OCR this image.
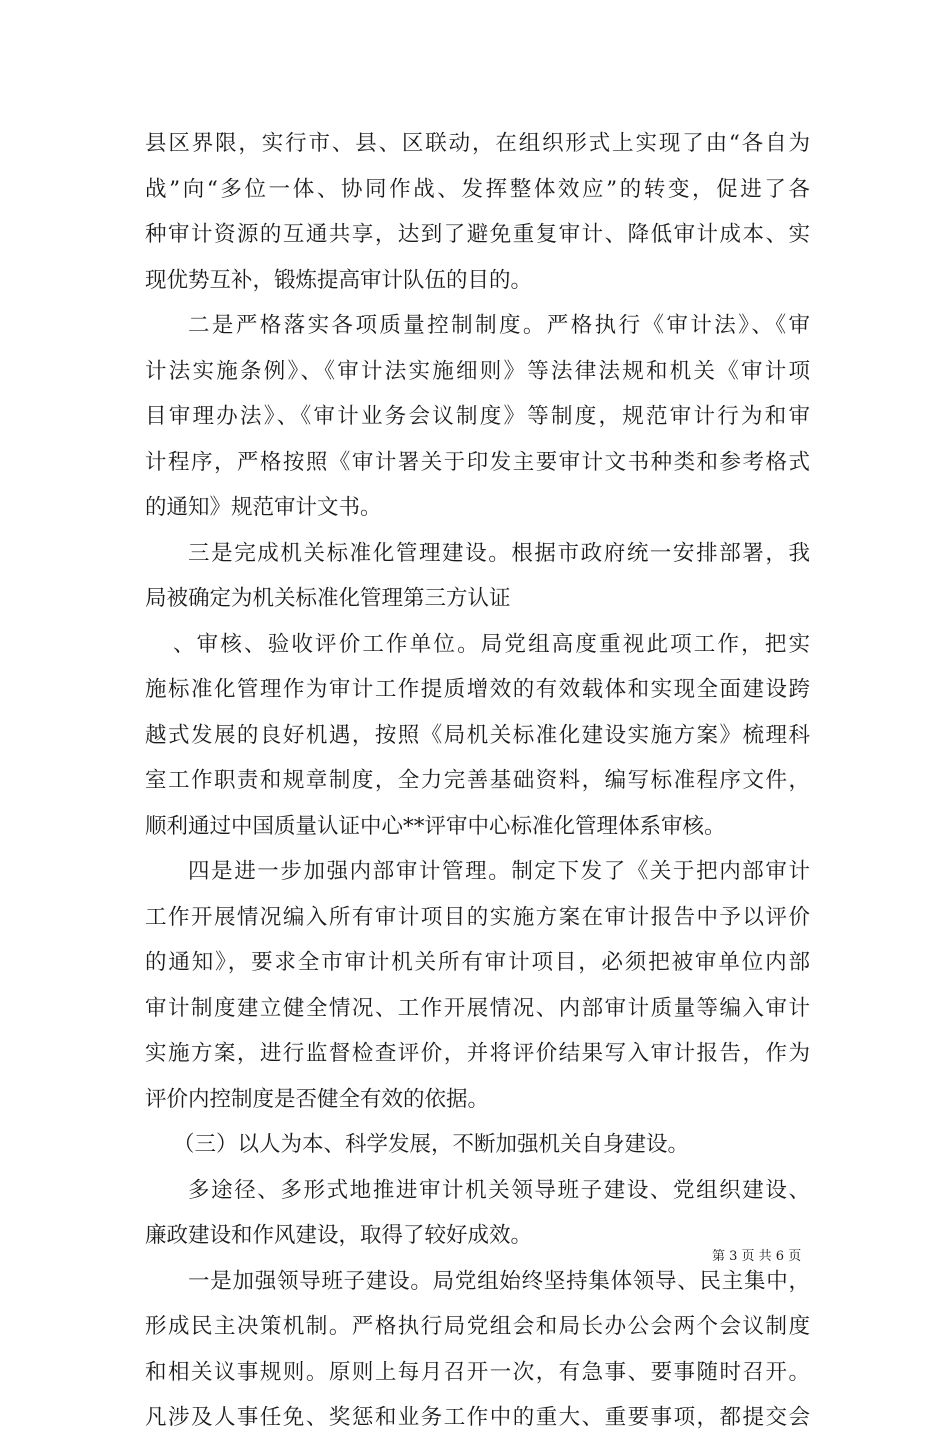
县区界限，实行市、县、区联动，在组织形式上实现了由“各自为
战”向“多位一体、协同作战、发挥整体效应”的转变，促进了各
种审计资源的互通共享，达到了避免重复审计、降低审计成本、实
现优势互补，锻炼提高审计队伍的目的。
二是严格落实各项质量控制制度。严格执行《审计法》、《审
计法实施条例》、《审计法实施细则》等法律法规和机关《审计项
目审理办法》、《审计业务会议制度》等制度，规范审计行为和审
计程序，严格按照《审计署关于印发主要审计文书种类和参考格式
的通知》规范审计文书。
三是完成机关标准化管理建设。根据市政府统一安排部署，我
局被确定为机关标准化管理第三方认证
、审核、验收评价工作单位。局党组高度重视此项工作，把实
施标准化管理作为审计工作提质增效的有效载体和实现全面建设跨
越式发展的良好机遇，按照《局机关标准化建设实施方案》梳理科
室工作职责和规章制度，全力完善基础资料，编写标准程序文件，
顺利通过中国质量认证中心**评审中心标准化管理体系审核。
四是进一步加强内部审计管理。制定下发了《关于把内部审计
工作开展情况编入所有审计项目的实施方案在审计报告中予以评价
的通知》，要求全市审计机关所有审计项目，必须把被审单位内部
审计制度建立健全情况、工作开展情况、内部审计质量等编入审计
实施方案，进行监督检查评价，并将评价结果写入审计报告，作为
评价内控制度是否健全有效的依据。
（三）以人为本、科学发展，不断加强机关自身建设。
多途径、多形式地推进审计机关领导班子建设、党组织建设、
廉政建设和作风建设，取得了较好成效。
一是加强领导班子建设。局党组始终坚持集体领导、民主集中，
形成民主决策机制。严格执行局党组会和局长办公会两个会议制度
和相关议事规则。原则上每月召开一次，有急事、要事随时召开。
凡涉及人事任免、奖惩和业务工作中的重大、重要事项，都提交会
第 3 页 共 6 页
